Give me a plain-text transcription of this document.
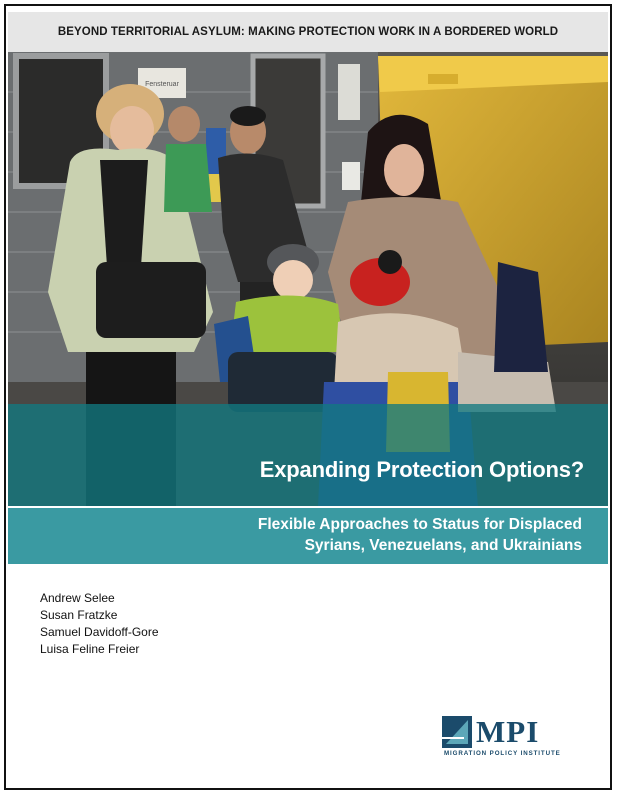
BEYOND TERRITORIAL ASYLUM: MAKING PROTECTION WORK IN A BORDERED WORLD
Fensteruar
Expanding Protection Options?
Flexible Approaches to Status for Displaced
Syrians, Venezuelans, and Ukrainians
Andrew Selee
Susan Fratzke
Samuel Davidoff-Gore
Luisa Feline Freier
MPI
MIGRATION POLICY INSTITUTE
